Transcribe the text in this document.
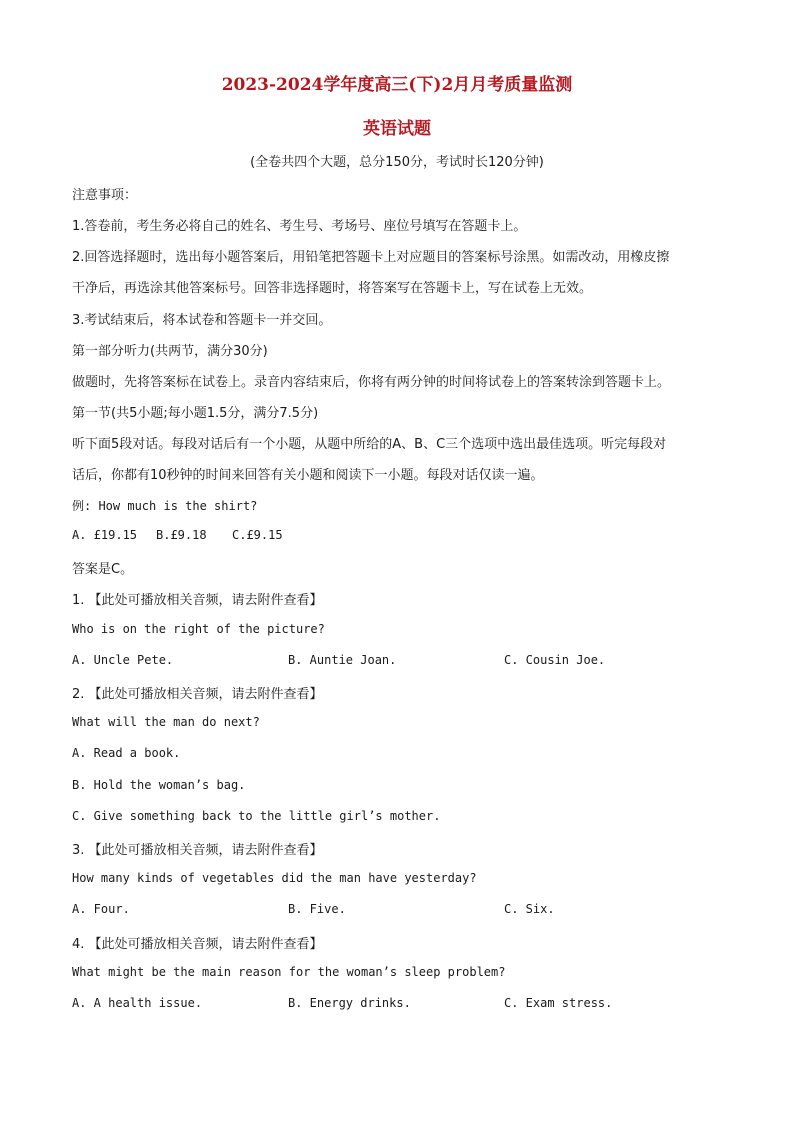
2023-2024学年度高三(下)2月月考质量监测
英语试题
(全卷共四个大题，总分150分，考试时长120分钟)
注意事项：
1.答卷前，考生务必将自己的姓名、考生号、考场号、座位号填写在答题卡上。
2.回答选择题时，选出每小题答案后，用铅笔把答题卡上对应题目的答案标号涂黑。如需改动，用橡皮擦
干净后，再选涂其他答案标号。回答非选择题时，将答案写在答题卡上，写在试卷上无效。
3.考试结束后，将本试卷和答题卡一并交回。
第一部分听力(共两节，满分30分)
做题时，先将答案标在试卷上。录音内容结束后，你将有两分钟的时间将试卷上的答案转涂到答题卡上。
第一节(共5小题;每小题1.5分，满分7.5分)
听下面5段对话。每段对话后有一个小题，从题中所给的A、B、C三个选项中选出最佳选项。听完每段对
话后，你都有10秒钟的时间来回答有关小题和阅读下一小题。每段对话仅读一遍。
例: How much is the shirt?
A. £19.15 B.£9.18 C.£9.15
答案是C。
1. 【此处可播放相关音频，请去附件查看】
Who is on the right of the picture?
A. Uncle Pete.	B. Auntie Joan.	C. Cousin Joe.
2. 【此处可播放相关音频，请去附件查看】
What will the man do next?
A. Read a book.
B. Hold the woman’s bag.
C. Give something back to the little girl’s mother.
3. 【此处可播放相关音频，请去附件查看】
How many kinds of vegetables did the man have yesterday?
A. Four.	B. Five.	C. Six.
4. 【此处可播放相关音频，请去附件查看】
What might be the main reason for the woman’s sleep problem?
A. A health issue.	B. Energy drinks.	C. Exam stress.
